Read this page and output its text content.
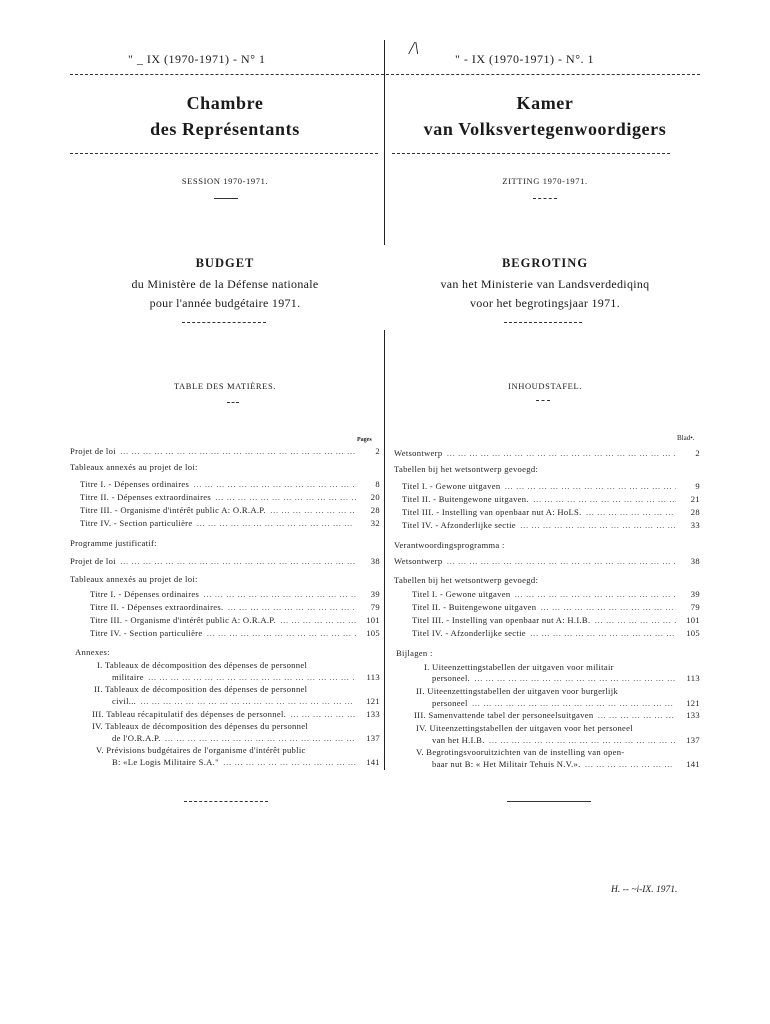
" _ IX (1970-1971) - N° 1
/\
" - IX (1970-1971) - N°. 1
Chambre
des Représentants
Kamer
van Volksvertegenwoordigers
SESSION 1970-1971.	ZITTING 1970-1971.
BUDGET
du Ministère de la Défense nationale
pour l'année budgétaire 1971.
BEGROTING
van het Ministerie van Landsverdediqinq
voor het begrotingsjaar 1971.
TABLE DES MATIÈRES.	INHOUDSTAFEL.
Pages	Blad•.
Projet de loi … … … … … … … … … … … … … … … … … … … … … … … … … … … … … … …	2
Tableaux annexés au projet de loi:
Titre I. - Dépenses ordinaires … … … … … … … … … … … … … … … … … … … … … … … … … … … … … … …	8
Titre II. - Dépenses extraordinaires … … … … … … … … … … … … … … … … … … … … … … … … … … … … … … …	20
Titre III. - Organisme d'intérêt public A: O.R.A.P. … … … … … … … … … … … … … … … … … … … … … … … … … … … … … … …	28
Titre IV. - Section particulière … … … … … … … … … … … … … … … … … … … … … … … … … … … … … … …	32
Programme justificatif:
Projet de loi … … … … … … … … … … … … … … … … … … … … … … … … … … … … … … …	38
Tableaux annexés au projet de loi:
Titre I. - Dépenses ordinaires … … … … … … … … … … … … … … … … … … … … … … … … … … … … … … …	39
Titre II. - Dépenses extraordinaires. … … … … … … … … … … … … … … … … … … … … … … … … … … … … … … …	79
Titre III. - Organisme d'intérêt public A: O.R.A.P. … … … … … … … … … … … … … … … … … … … … … … … … … … … … … … …	101
Titre IV. - Section particulière … … … … … … … … … … … … … … … … … … … … … … … … … … … … … … …	105
Annexes:
I. Tableaux de décomposition des dépenses de personnel
militaire … … … … … … … … … … … … … … … … … … … … … … … … … … … … … … …	113
II. Tableaux de décomposition des dépenses de personnel
civil... … … … … … … … … … … … … … … … … … … … … … … … … … … … … … … …	121
III. Tableau récapitulatif des dépenses de personnel. … … … … … … … … … … … … … … … … … … … … … … … … … … … … … … …	133
IV. Tableaux de décomposition des dépenses du personnel
de l'O.R.A.P. … … … … … … … … … … … … … … … … … … … … … … … … … … … … … … …	137
V. Prévisions budgétaires de l'organisme d'intérêt public
B: «Le Logis Militaire S.A." … … … … … … … … … … … … … … … … … … … … … … … … … … … … … … …	141
Wetsontwerp … … … … … … … … … … … … … … … … … … … … … … … … … … … … … … …	2
Tabellen bij het wetsontwerp gevoegd:
Titel I. - Gewone uitgaven … … … … … … … … … … … … … … … … … … … … … … … … … … … … … … …	9
Titel II. - Buitengewone uitgaven. … … … … … … … … … … … … … … … … … … … … … … … … … … … … … … …	21
Titel III. - Instelling van openbaar nut A: HoLS. … … … … … … … … … … … … … … … … … … … … … … … … … … … … … … …	28
Titel IV. - Afzonderlijke sectie … … … … … … … … … … … … … … … … … … … … … … … … … … … … … … …	33
Verantwoordingsprogramma :
Wetsontwerp … … … … … … … … … … … … … … … … … … … … … … … … … … … … … … …	38
Tabellen bij het wetsontwerp gevoegd:
Titel I. - Gewone uitgaven … … … … … … … … … … … … … … … … … … … … … … … … … … … … … … …	39
Titel II. - Buitengewone uitgaven … … … … … … … … … … … … … … … … … … … … … … … … … … … … … … …	79
Titel III. - Instelling van openbaar nut A: H.I.B. … … … … … … … … … … … … … … … … … … … … … … … … … … … … … … …	101
Titel IV. - Afzonderlijke sectie … … … … … … … … … … … … … … … … … … … … … … … … … … … … … … …	105
Bijlagen :
I. Uiteenzettingstabellen der uitgaven voor militair
personeel. … … … … … … … … … … … … … … … … … … … … … … … … … … … … … … …	113
II. Uiteenzettingstabellen der uitgaven voor burgerlijk
personeel … … … … … … … … … … … … … … … … … … … … … … … … … … … … … … …	121
III. Samenvattende tabel der personeelsuitgaven … … … … … … … … … … … … … … … … … … … … … … … … … … … … … … …	133
IV. Uiteenzettingstabellen der uitgaven voor het personeel
van het H.I.B. … … … … … … … … … … … … … … … … … … … … … … … … … … … … … … …	137
V. Begrotingsvooruitzichten van de instelling van open-
baar nut B: « Het Militair Tehuis N.V.». … … … … … … … … … … … … … … … … … … … … … … … … … … … … … … …	141
H. -- ~i-IX. 1971.
